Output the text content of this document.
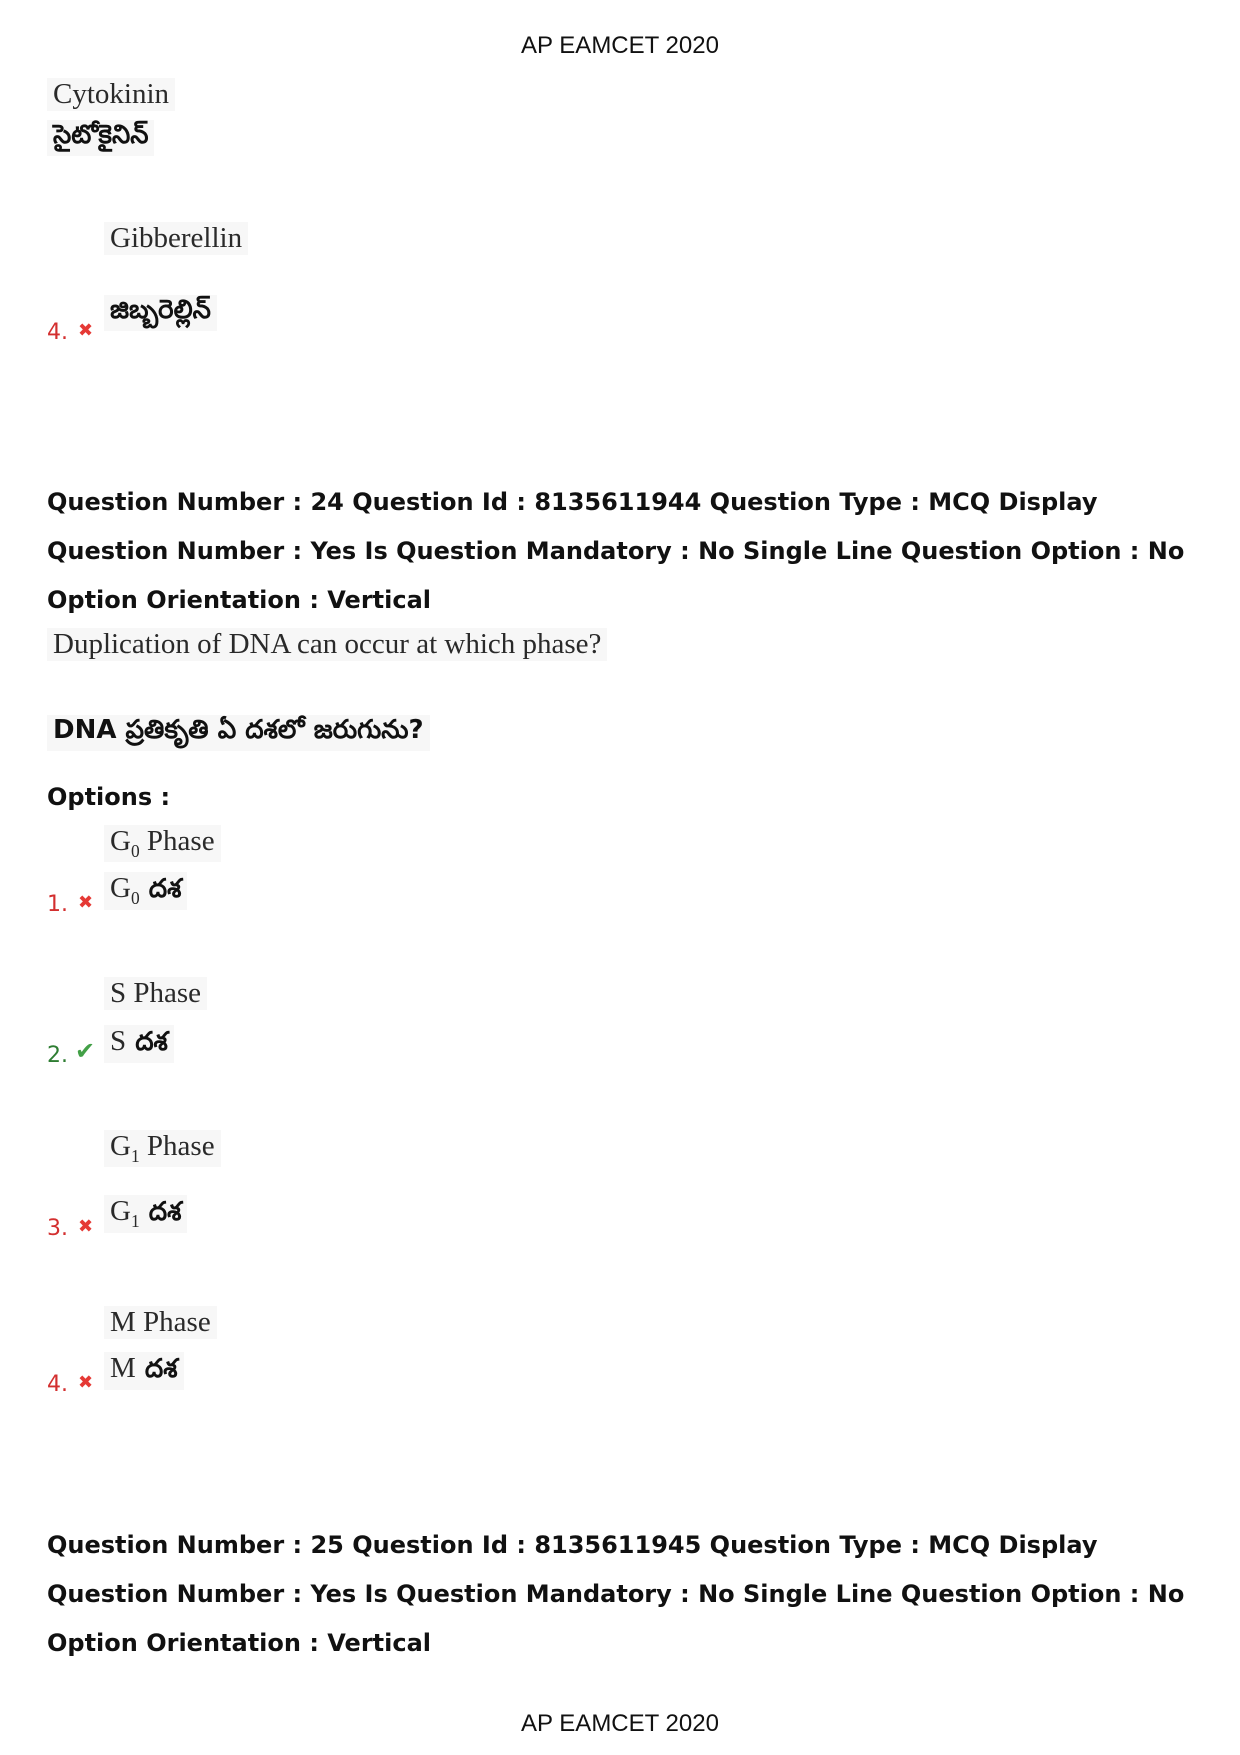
AP EAMCET 2020
Cytokinin
సైటోకైనిన్
Gibberellin
4. ✖
జిబ్బరెల్లిన్
Question Number : 24 Question Id : 8135611944 Question Type : MCQ Display Question Number : Yes Is Question Mandatory : No Single Line Question Option : No Option Orientation : Vertical
Duplication of DNA can occur at which phase?
DNA ప్రతికృతి ఏ దశలో జరుగును?
Options :
$G_0$ Phase
1. ✖ $G_0$ దశ
S Phase
2. ✔ S దశ
$G_1$ Phase
3. ✖ $G_1$ దశ
M Phase
4. ✖ M దశ
Question Number : 25 Question Id : 8135611945 Question Type : MCQ Display Question Number : Yes Is Question Mandatory : No Single Line Question Option : No Option Orientation : Vertical
AP EAMCET 2020
